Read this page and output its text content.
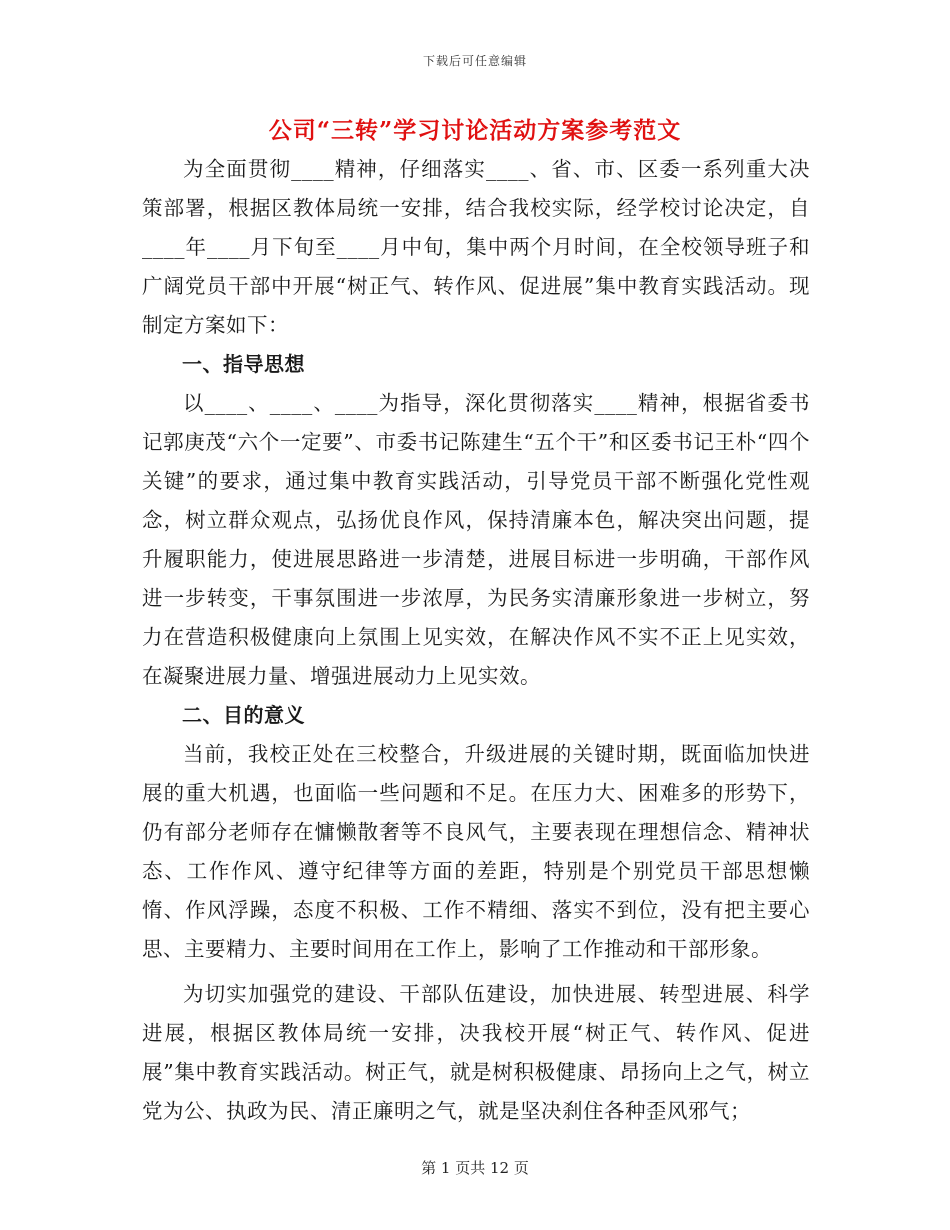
下载后可任意编辑
公司“三转”学习讨论活动方案参考范文

为全面贯彻____精神，仔细落实____、省、市、区委一系列重大决策部署，根据区教体局统一安排，结合我校实际，经学校讨论决定，自____年____月下旬至____月中旬，集中两个月时间，在全校领导班子和广阔党员干部中开展“树正气、转作风、促进展”集中教育实践活动。现制定方案如下：

一、指导思想

以____、____、____为指导，深化贯彻落实____精神，根据省委书记郭庚茂“六个一定要”、市委书记陈建生“五个干”和区委书记王朴“四个关键”的要求，通过集中教育实践活动，引导党员干部不断强化党性观念，树立群众观点，弘扬优良作风，保持清廉本色，解决突出问题，提升履职能力，使进展思路进一步清楚，进展目标进一步明确，干部作风进一步转变，干事氛围进一步浓厚，为民务实清廉形象进一步树立，努力在营造积极健康向上氛围上见实效，在解决作风不实不正上见实效，在凝聚进展力量、增强进展动力上见实效。

二、目的意义

当前，我校正处在三校整合，升级进展的关键时期，既面临加快进展的重大机遇，也面临一些问题和不足。在压力大、困难多的形势下，仍有部分老师存在慵懒散奢等不良风气，主要表现在理想信念、精神状态、工作作风、遵守纪律等方面的差距，特别是个别党员干部思想懒惰、作风浮躁，态度不积极、工作不精细、落实不到位，没有把主要心思、主要精力、主要时间用在工作上，影响了工作推动和干部形象。

为切实加强党的建设、干部队伍建设，加快进展、转型进展、科学进展，根据区教体局统一安排，决我校开展“树正气、转作风、促进展”集中教育实践活动。树正气，就是树积极健康、昂扬向上之气，树立党为公、执政为民、清正廉明之气，就是坚决刹住各种歪风邪气；

第 1 页共 12 页
